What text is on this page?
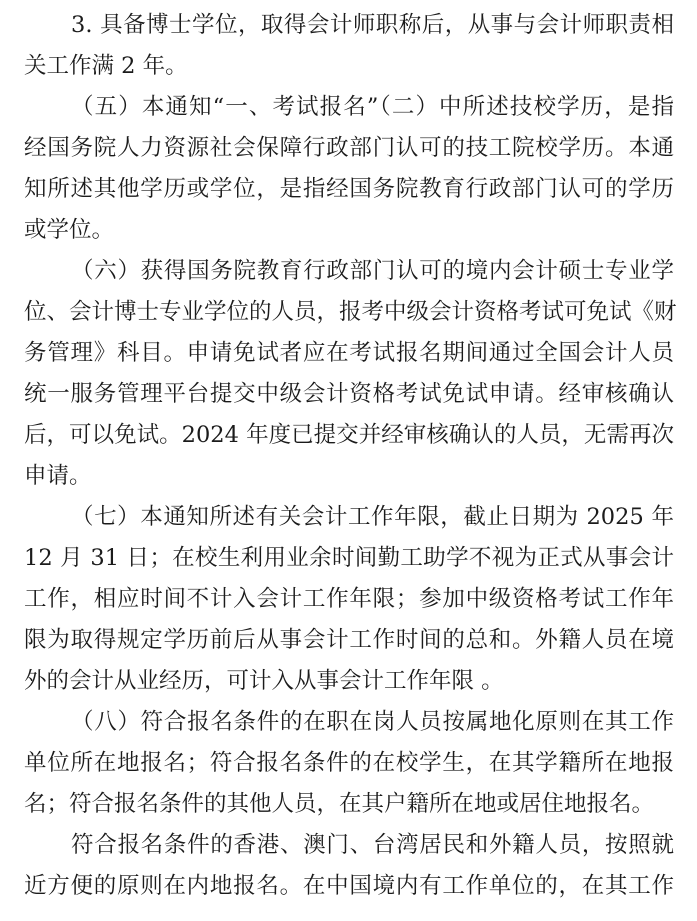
3. 具备博士学位，取得会计师职称后，从事与会计师职责相
关工作满 2 年。
（五）本通知“一、考试报名”（二）中所述技校学历，是指
经国务院人力资源社会保障行政部门认可的技工院校学历。本通
知所述其他学历或学位，是指经国务院教育行政部门认可的学历
或学位。
（六）获得国务院教育行政部门认可的境内会计硕士专业学
位、会计博士专业学位的人员，报考中级会计资格考试可免试《财
务管理》科目。申请免试者应在考试报名期间通过全国会计人员
统一服务管理平台提交中级会计资格考试免试申请。经审核确认
后，可以免试。2024 年度已提交并经审核确认的人员，无需再次
申请。
（七）本通知所述有关会计工作年限，截止日期为 2025 年
12 月 31 日；在校生利用业余时间勤工助学不视为正式从事会计
工作，相应时间不计入会计工作年限；参加中级资格考试工作年
限为取得规定学历前后从事会计工作时间的总和。外籍人员在境
外的会计从业经历，可计入从事会计工作年限 。
（八）符合报名条件的在职在岗人员按属地化原则在其工作
单位所在地报名；符合报名条件的在校学生，在其学籍所在地报
名；符合报名条件的其他人员，在其户籍所在地或居住地报名。
符合报名条件的香港、澳门、台湾居民和外籍人员，按照就
近方便的原则在内地报名。在中国境内有工作单位的，在其工作
